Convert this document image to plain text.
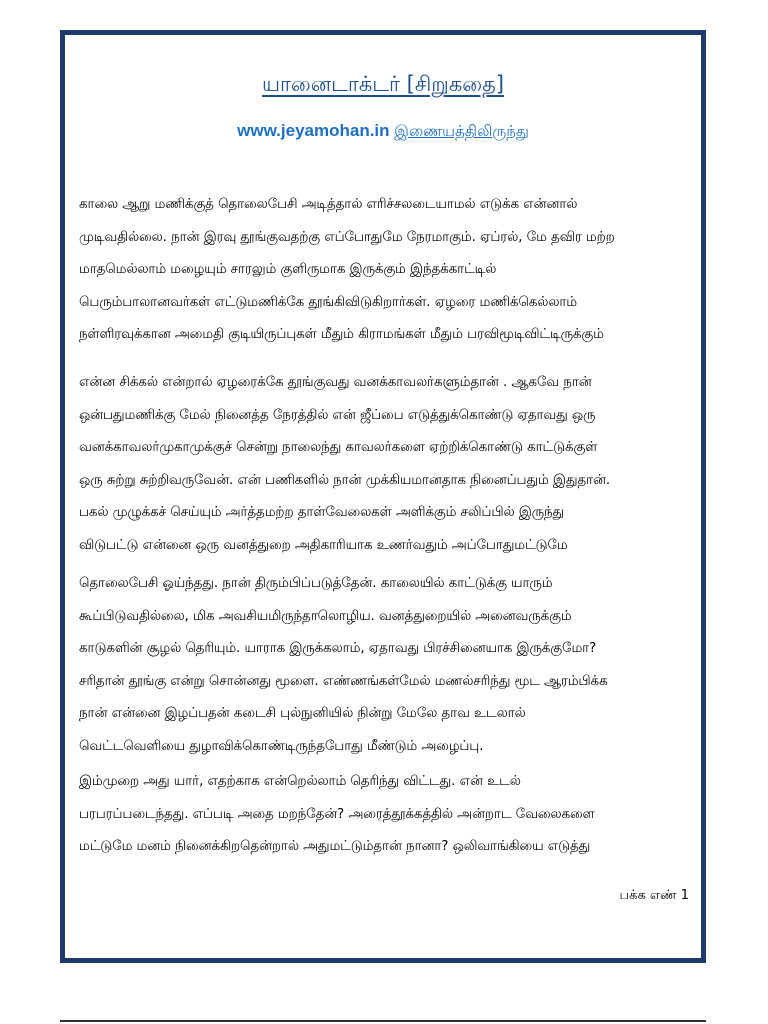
யானைடாக்டர் [சிறுகதை]
www.jeyamohan.in இணையத்திலிருந்து
காலை ஆறு மணிக்குத் தொலைபேசி அடித்தால் எரிச்சலடையாமல் எடுக்க என்னால்
முடிவதில்லை. நான் இரவு தூங்குவதற்கு எப்போதுமே நேரமாகும். ஏப்ரல், மே தவிர மற்ற
மாதமெல்லாம் மழையும் சாரலும் குளிருமாக இருக்கும் இந்தக்காட்டில்
பெரும்பாலானவர்கள் எட்டுமணிக்கே தூங்கிவிடுகிறார்கள். ஏழரை மணிக்கெல்லாம்
நள்ளிரவுக்கான அமைதி குடியிருப்புகள் மீதும் கிராமங்கள் மீதும் பரவிமூடிவிட்டிருக்கும்
என்ன சிக்கல் என்றால் ஏழரைக்கே தூங்குவது வனக்காவலர்களும்தான் . ஆகவே நான்
ஒன்பதுமணிக்கு மேல் நினைத்த நேரத்தில் என் ஜீப்பை எடுத்துக்கொண்டு ஏதாவது ஒரு
வனக்காவலர்முகாமுக்குச் சென்று நாலைந்து காவலர்களை ஏற்றிக்கொண்டு காட்டுக்குள்
ஒரு சுற்று சுற்றிவருவேன். என் பணிகளில் நான் முக்கியமானதாக நினைப்பதும் இதுதான்.
பகல் முழுக்கச் செய்யும் அர்த்தமற்ற தாள்வேலைகள் அளிக்கும் சலிப்பில் இருந்து
விடுபட்டு என்னை ஒரு வனத்துறை அதிகாரியாக உணர்வதும் அப்போதுமட்டுமே
தொலைபேசி ஓய்ந்தது. நான் திரும்பிப்படுத்தேன். காலையில் காட்டுக்கு யாரும்
கூப்பிடுவதில்லை, மிக அவசியமிருந்தாலொழிய. வனத்துறையில் அனைவருக்கும்
காடுகளின் சூழல் தெரியும். யாராக இருக்கலாம், ஏதாவது பிரச்சினையாக இருக்குமோ?
சரிதான் தூங்கு என்று சொன்னது மூளை. எண்ணங்கள்மேல் மணல்சரிந்து மூட ஆரம்பிக்க
நான் என்னை இழப்பதன் கடைசி புல்நுனியில் நின்று மேலே தாவ உடலால்
வெட்டவெளியை துழாவிக்கொண்டிருந்தபோது மீண்டும் அழைப்பு.
இம்முறை அது யார், எதற்காக என்றெல்லாம் தெரிந்து விட்டது. என் உடல்
பரபரப்படைந்தது. எப்படி அதை மறந்தேன்? அரைத்தூக்கத்தில் அன்றாட வேலைகளை
மட்டுமே மனம் நினைக்கிறதென்றால் அதுமட்டும்தான் நானா? ஒலிவாங்கியை எடுத்து
பக்க எண் 1
